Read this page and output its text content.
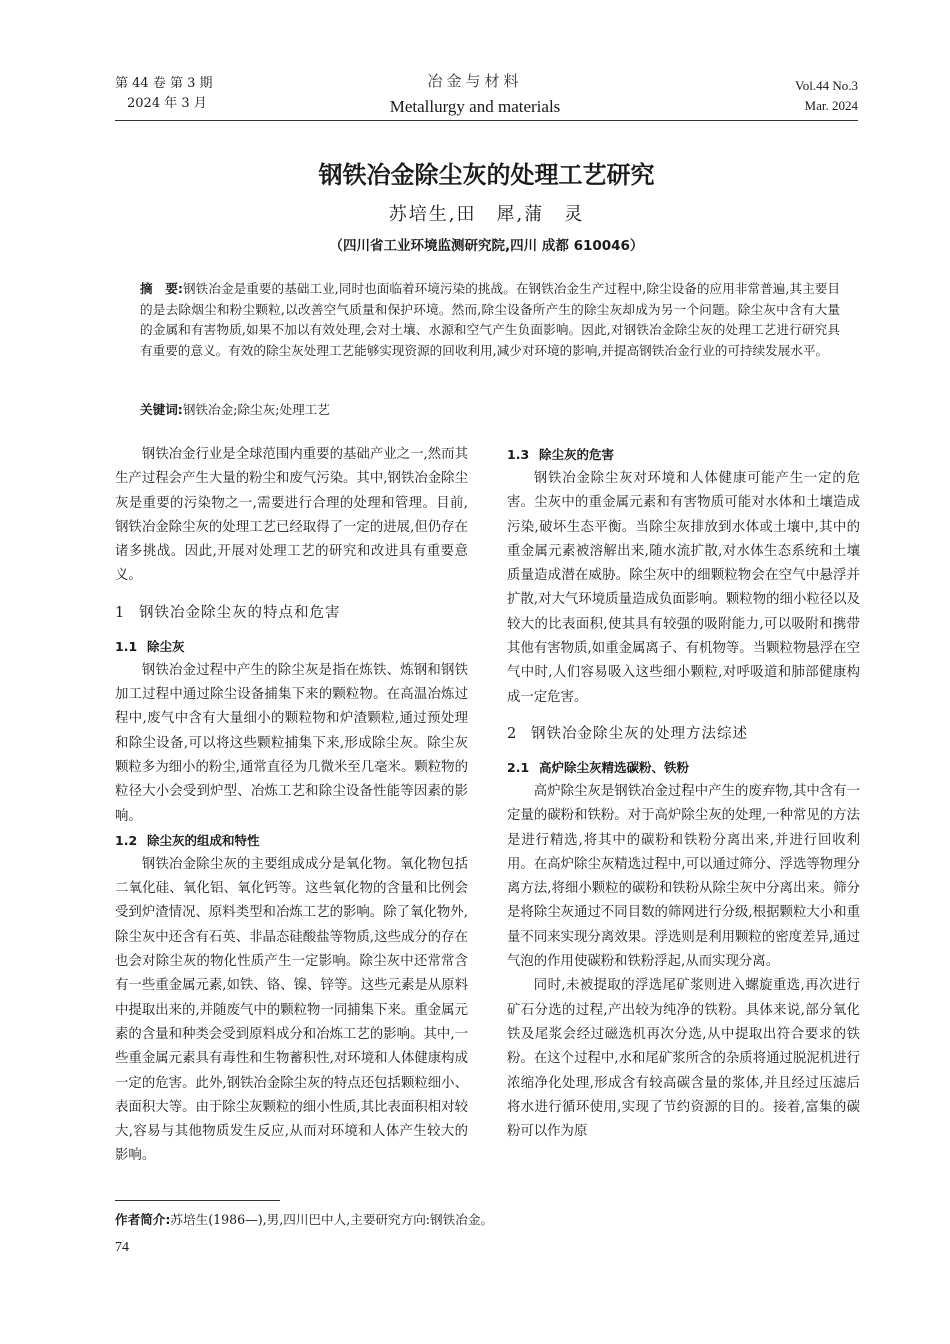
第 44 卷 第 3 期
2024 年 3 月
冶金与材料
Metallurgy and materials
Vol.44 No.3
Mar. 2024
钢铁冶金除尘灰的处理工艺研究
苏培生,田　犀,蒲　灵
（四川省工业环境监测研究院,四川 成都 610046）
摘　要:钢铁冶金是重要的基础工业,同时也面临着环境污染的挑战。在钢铁冶金生产过程中,除尘设备的应用非常普遍,其主要目的是去除烟尘和粉尘颗粒,以改善空气质量和保护环境。然而,除尘设备所产生的除尘灰却成为另一个问题。除尘灰中含有大量的金属和有害物质,如果不加以有效处理,会对土壤、水源和空气产生负面影响。因此,对钢铁冶金除尘灰的处理工艺进行研究具有重要的意义。有效的除尘灰处理工艺能够实现资源的回收利用,减少对环境的影响,并提高钢铁冶金行业的可持续发展水平。
关键词:钢铁冶金;除尘灰;处理工艺

钢铁冶金行业是全球范围内重要的基础产业之一,然而其生产过程会产生大量的粉尘和废气污染。其中,钢铁冶金除尘灰是重要的污染物之一,需要进行合理的处理和管理。目前,钢铁冶金除尘灰的处理工艺已经取得了一定的进展,但仍存在诸多挑战。因此,开展对处理工艺的研究和改进具有重要意义。

1 钢铁冶金除尘灰的特点和危害
1.1 除尘灰

钢铁冶金过程中产生的除尘灰是指在炼铁、炼钢和钢铁加工过程中通过除尘设备捕集下来的颗粒物。在高温冶炼过程中,废气中含有大量细小的颗粒物和炉渣颗粒,通过预处理和除尘设备,可以将这些颗粒捕集下来,形成除尘灰。除尘灰颗粒多为细小的粉尘,通常直径为几微米至几毫米。颗粒物的粒径大小会受到炉型、冶炼工艺和除尘设备性能等因素的影响。

1.2 除尘灰的组成和特性

钢铁冶金除尘灰的主要组成成分是氧化物。氧化物包括二氧化硅、氧化铝、氧化钙等。这些氧化物的含量和比例会受到炉渣情况、原料类型和冶炼工艺的影响。除了氧化物外,除尘灰中还含有石英、非晶态硅酸盐等物质,这些成分的存在也会对除尘灰的物化性质产生一定影响。除尘灰中还常常含有一些重金属元素,如铁、铬、镍、锌等。这些元素是从原料中提取出来的,并随废气中的颗粒物一同捕集下来。重金属元素的含量和种类会受到原料成分和冶炼工艺的影响。其中,一些重金属元素具有毒性和生物蓄积性,对环境和人体健康构成一定的危害。此外,钢铁冶金除尘灰的特点还包括颗粒细小、表面积大等。由于除尘灰颗粒的细小性质,其比表面积相对较大,容易与其他物质发生反应,从而对环境和人体产生较大的影响。

1.3 除尘灰的危害

钢铁冶金除尘灰对环境和人体健康可能产生一定的危害。尘灰中的重金属元素和有害物质可能对水体和土壤造成污染,破坏生态平衡。当除尘灰排放到水体或土壤中,其中的重金属元素被溶解出来,随水流扩散,对水体生态系统和土壤质量造成潜在威胁。除尘灰中的细颗粒物会在空气中悬浮并扩散,对大气环境质量造成负面影响。颗粒物的细小粒径以及较大的比表面积,使其具有较强的吸附能力,可以吸附和携带其他有害物质,如重金属离子、有机物等。当颗粒物悬浮在空气中时,人们容易吸入这些细小颗粒,对呼吸道和肺部健康构成一定危害。

2 钢铁冶金除尘灰的处理方法综述
2.1 高炉除尘灰精选碳粉、铁粉

高炉除尘灰是钢铁冶金过程中产生的废弃物,其中含有一定量的碳粉和铁粉。对于高炉除尘灰的处理,一种常见的方法是进行精选,将其中的碳粉和铁粉分离出来,并进行回收利用。在高炉除尘灰精选过程中,可以通过筛分、浮选等物理分离方法,将细小颗粒的碳粉和铁粉从除尘灰中分离出来。筛分是将除尘灰通过不同目数的筛网进行分级,根据颗粒大小和重量不同来实现分离效果。浮选则是利用颗粒的密度差异,通过气泡的作用使碳粉和铁粉浮起,从而实现分离。

同时,未被提取的浮选尾矿浆则进入螺旋重选,再次进行矿石分选的过程,产出较为纯净的铁粉。具体来说,部分氧化铁及尾浆会经过磁选机再次分选,从中提取出符合要求的铁粉。在这个过程中,水和尾矿浆所含的杂质将通过脱泥机进行浓缩净化处理,形成含有较高碳含量的浆体,并且经过压滤后将水进行循环使用,实现了节约资源的目的。接着,富集的碳粉可以作为原

作者简介:苏培生(1986—),男,四川巴中人,主要研究方向:钢铁冶金。
74
